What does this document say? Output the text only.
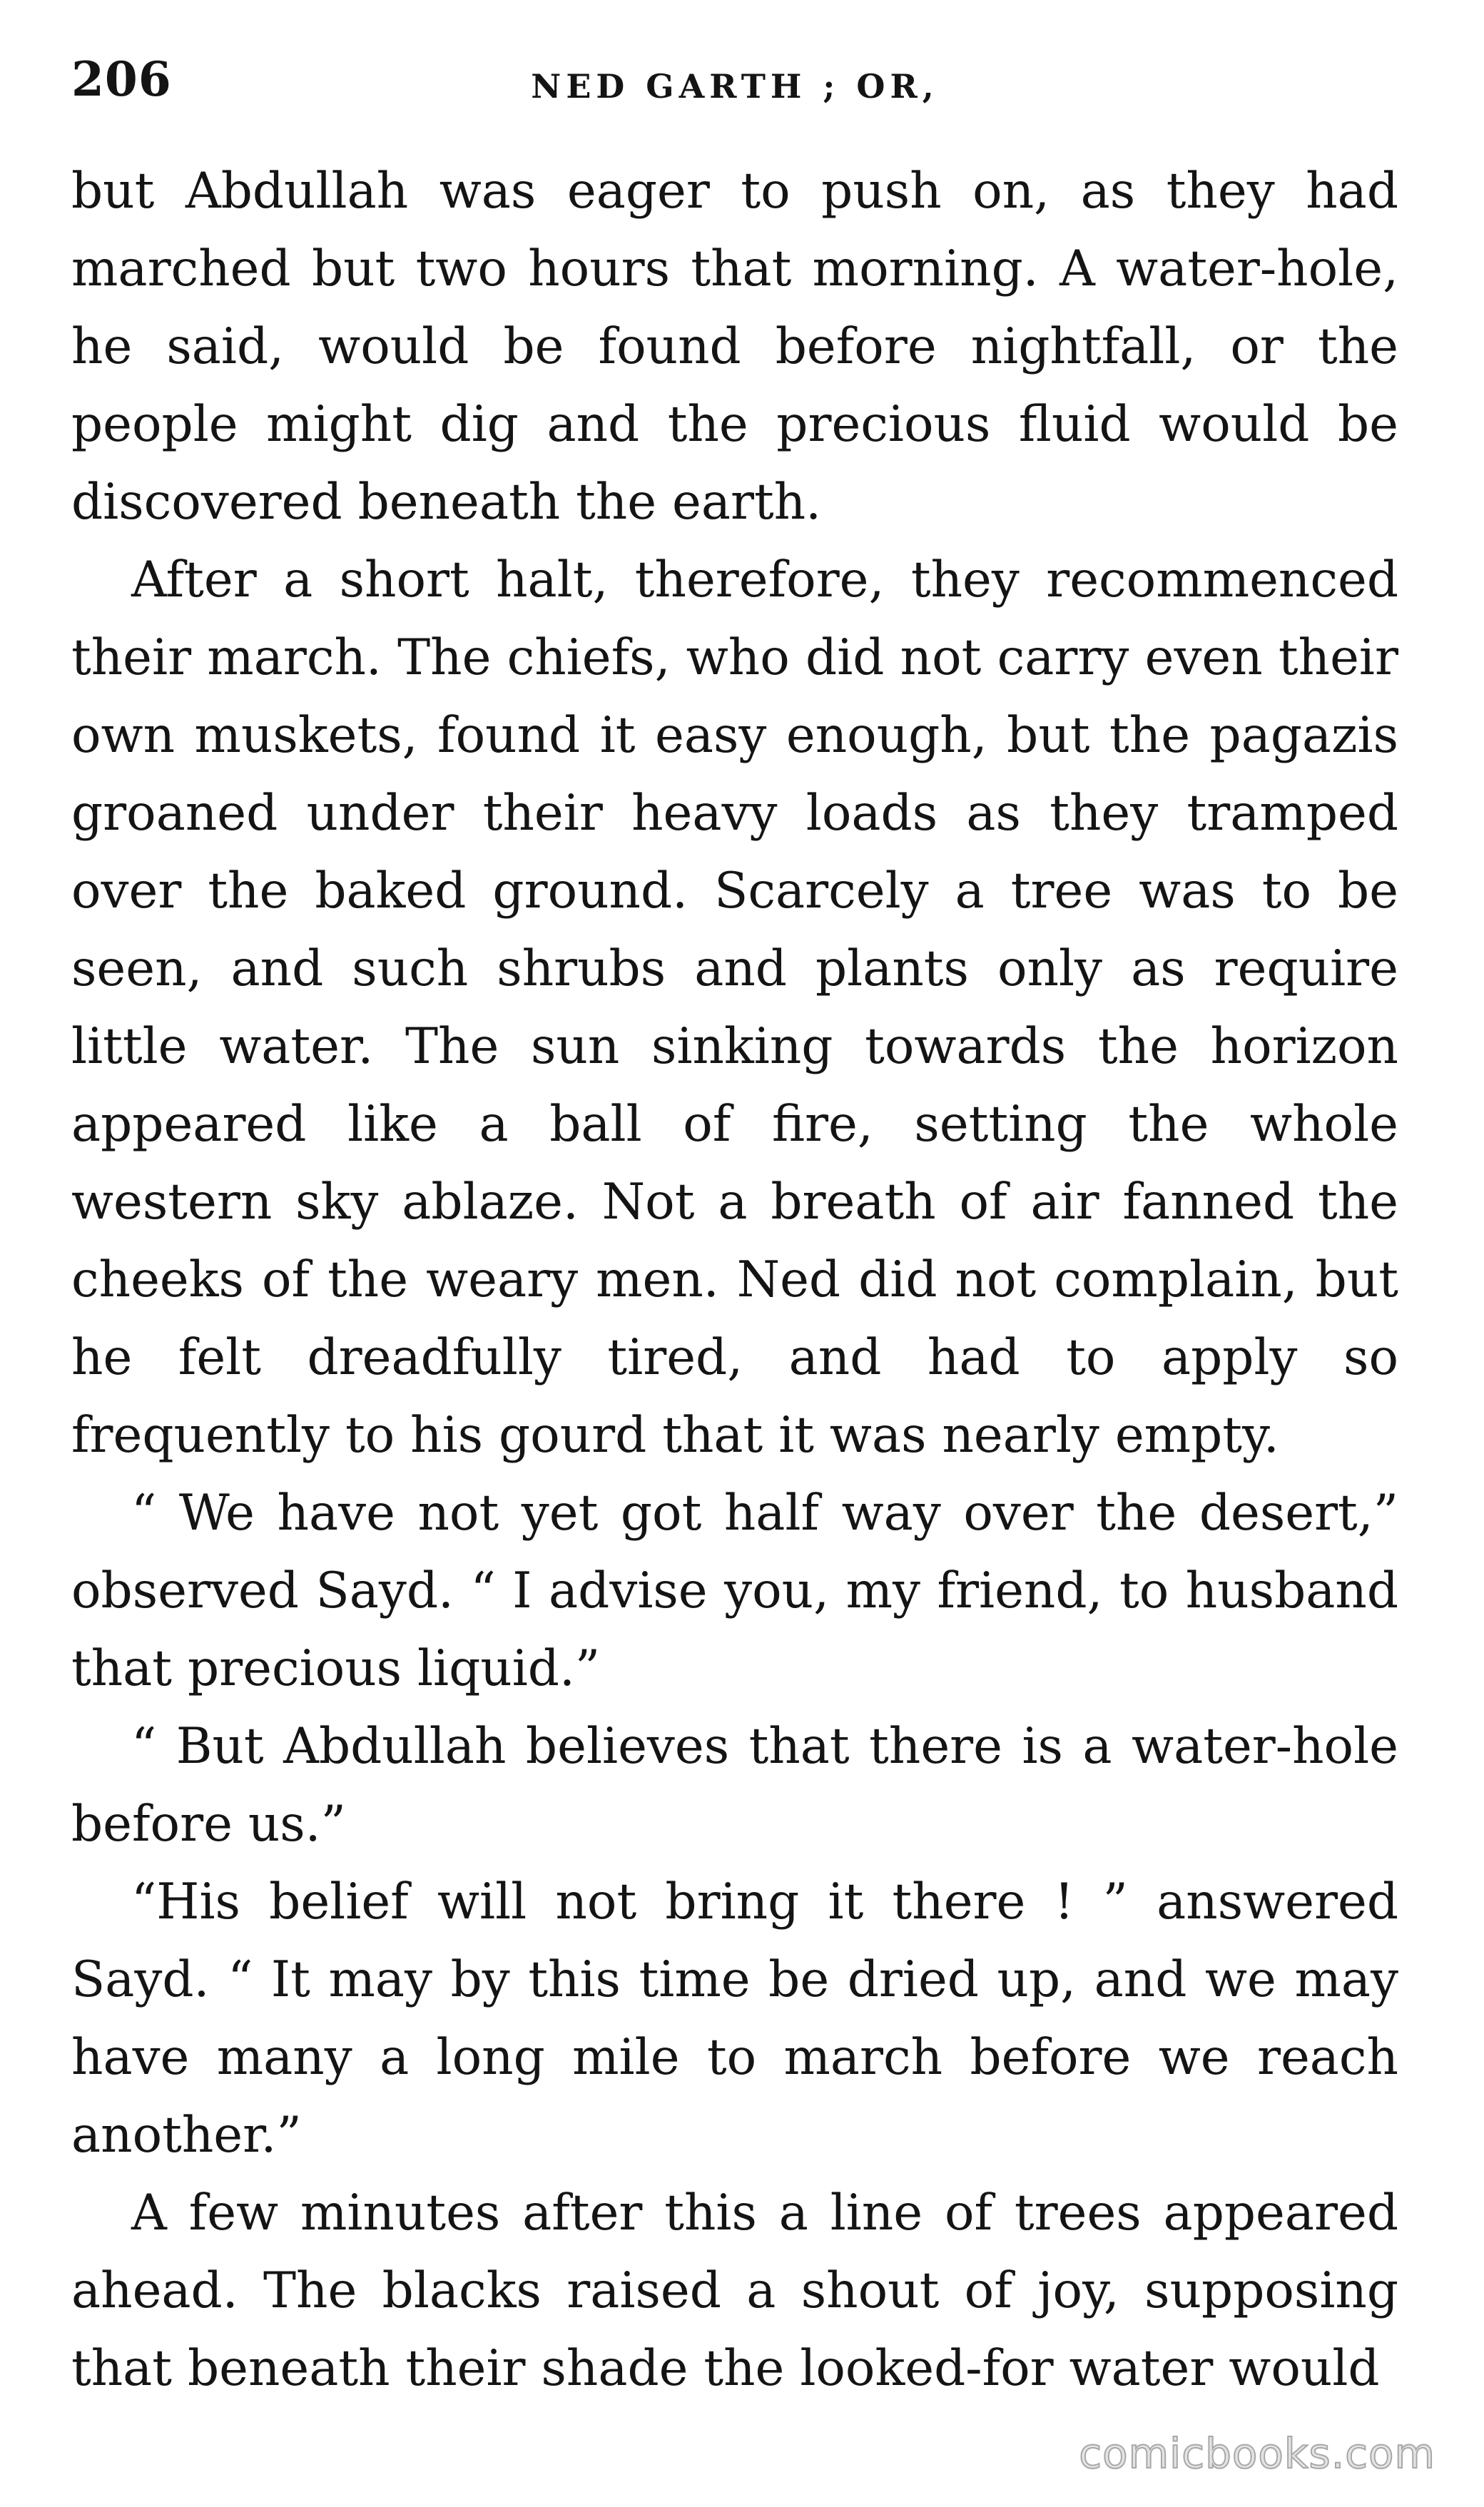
206	NED GARTH ; OR,

but Abdullah was eager to push on, as they had marched but two hours that morning. A water-hole, he said, would be found before nightfall, or the people might dig and the precious fluid would be discovered beneath the earth.

After a short halt, therefore, they recommenced their march. The chiefs, who did not carry even their own muskets, found it easy enough, but the pagazis groaned under their heavy loads as they tramped over the baked ground. Scarcely a tree was to be seen, and such shrubs and plants only as require little water. The sun sinking towards the horizon appeared like a ball of fire, setting the whole western sky ablaze. Not a breath of air fanned the cheeks of the weary men. Ned did not complain, but he felt dreadfully tired, and had to apply so frequently to his gourd that it was nearly empty.

“ We have not yet got half way over the desert,” observed Sayd. “ I advise you, my friend, to husband that precious liquid.”

“ But Abdullah believes that there is a water-hole before us.”

“His belief will not bring it there ! ” answered Sayd. “ It may by this time be dried up, and we may have many a long mile to march before we reach another.”

A few minutes after this a line of trees appeared ahead. The blacks raised a shout of joy, supposing that beneath their shade the looked-for water would

comicbooks.com
